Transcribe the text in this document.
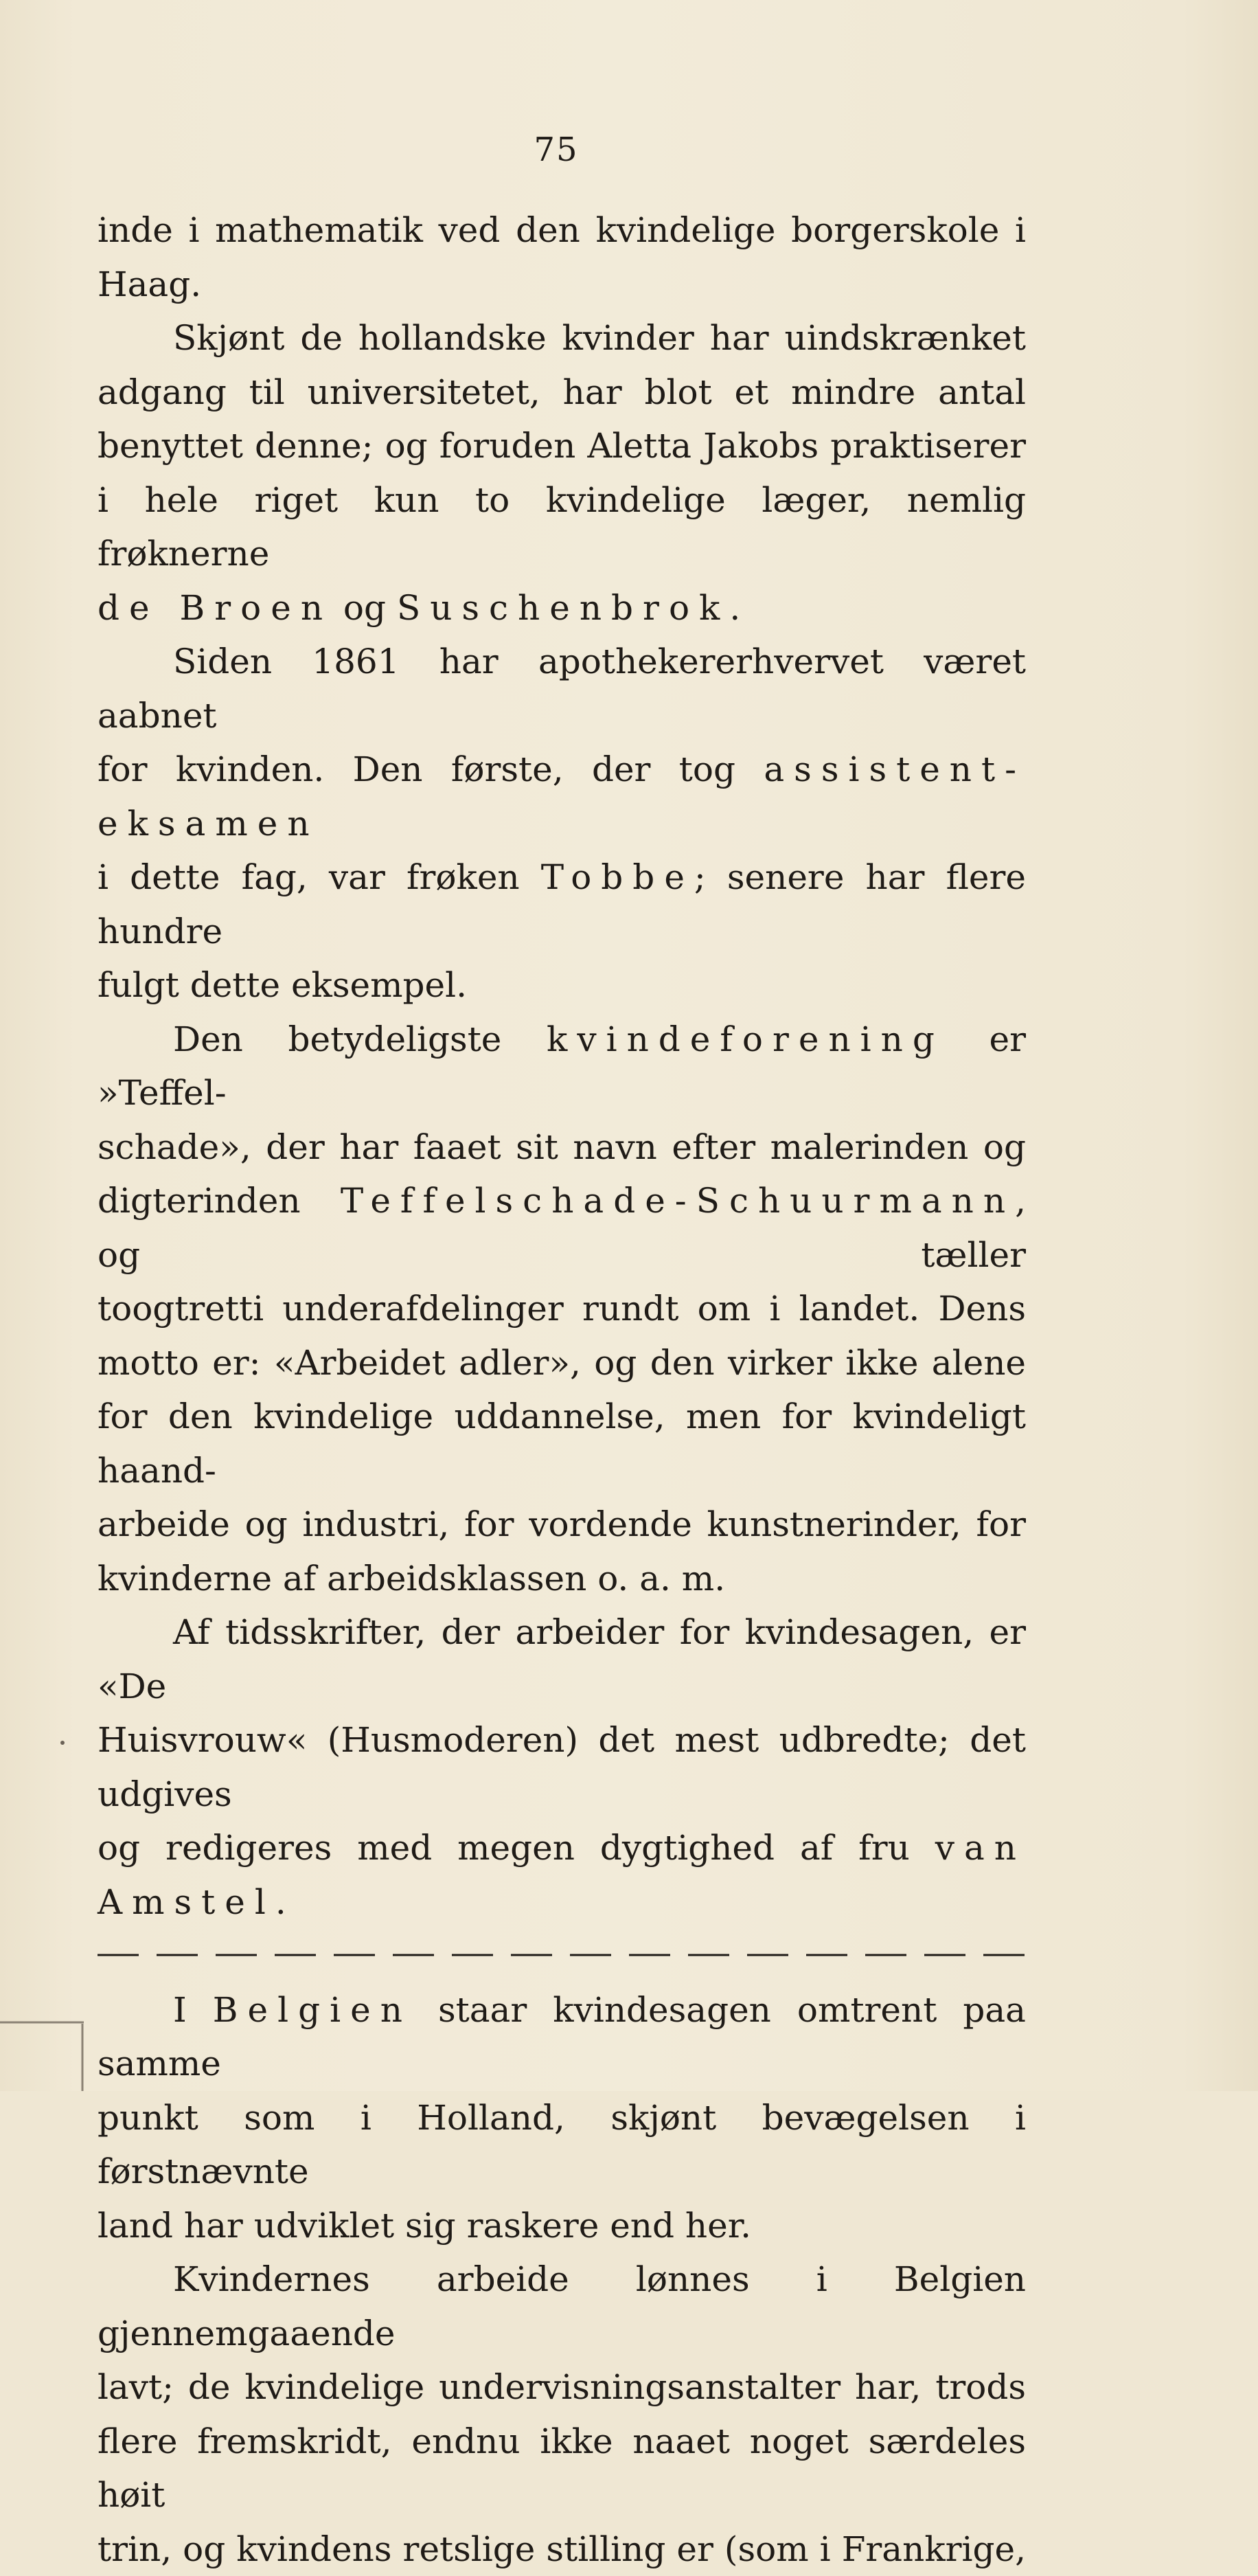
75

inde i mathematik ved den kvindelige borgerskole i
Haag.

Skjønt de hollandske kvinder har uindskrænket
adgang til universitetet, har blot et mindre antal
benyttet denne; og foruden Aletta Jakobs praktiserer
i hele riget kun to kvindelige læger, nemlig frøknerne
de Broen og Suschenbrok.

Siden 1861 har apothekererhvervet været aabnet
for kvinden. Den første, der tog assistent-eksamen
i dette fag, var frøken Tobbe; senere har flere hundre
fulgt dette eksempel.

Den betydeligste kvindeforening er »Teffel-
schade», der har faaet sit navn efter malerinden og
digterinden Teffelschade-Schuurmann, og tæller
toogtretti underafdelinger rundt om i landet. Dens
motto er: «Arbeidet adler», og den virker ikke alene
for den kvindelige uddannelse, men for kvindeligt haand-
arbeide og industri, for vordende kunstnerinder, for
kvinderne af arbeidsklassen o. a. m.

Af tidsskrifter, der arbeider for kvindesagen, er «De
Huisvrouw« (Husmoderen) det mest udbredte; det udgives
og redigeres med megen dygtighed af fru van Amstel.

I Belgien staar kvindesagen omtrent paa samme
punkt som i Holland, skjønt bevægelsen i førstnævnte
land har udviklet sig raskere end her.

Kvindernes arbeide lønnes i Belgien gjennemgaaende
lavt; de kvindelige undervisningsanstalter har, trods
flere fremskridt, endnu ikke naaet noget særdeles høit
trin, og kvindens retslige stilling er (som i Frankrige,
